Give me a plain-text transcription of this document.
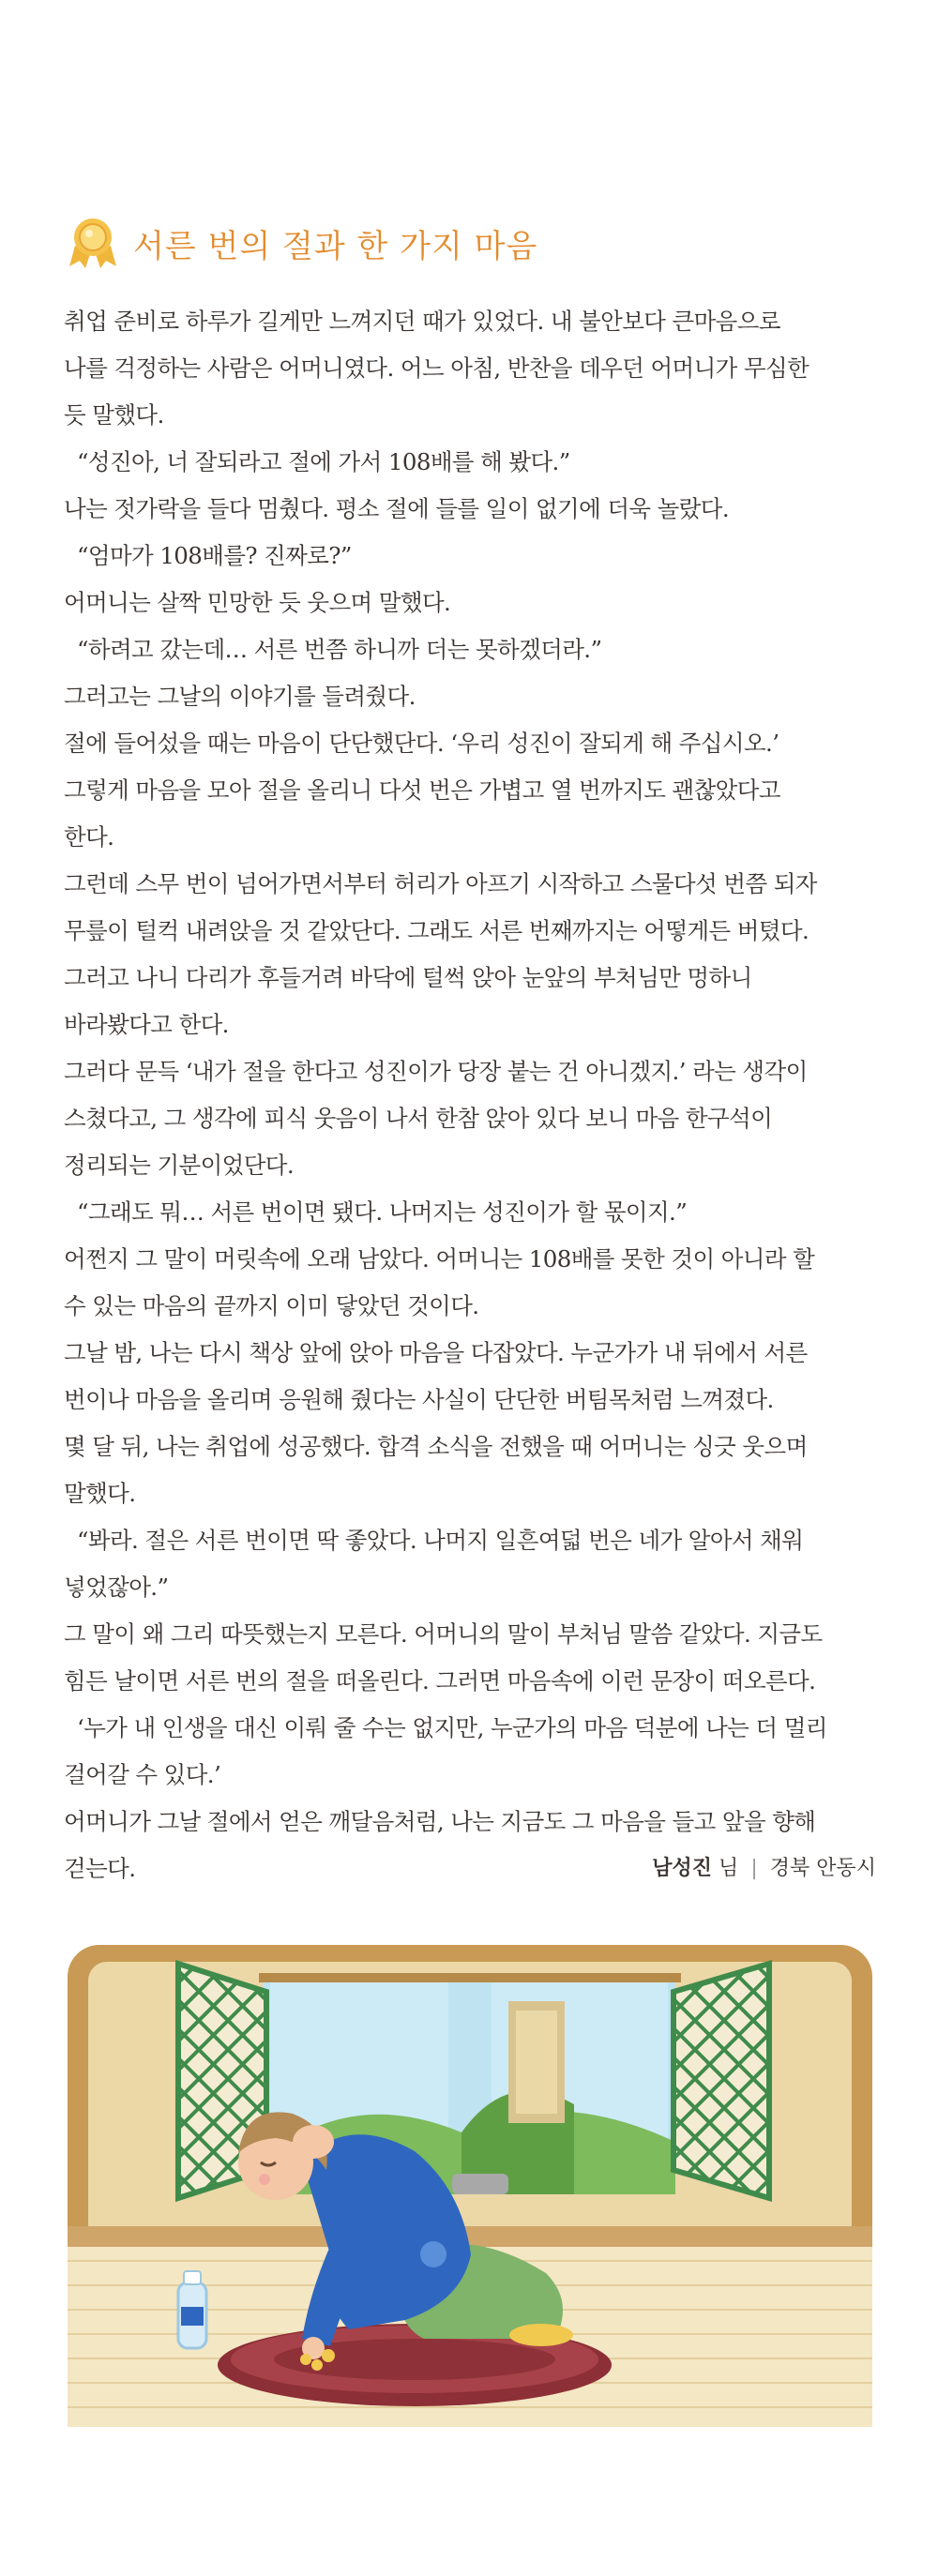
서른 번의 절과 한 가지 마음
취업 준비로 하루가 길게만 느껴지던 때가 있었다. 내 불안보다 큰마음으로
나를 걱정하는 사람은 어머니였다. 어느 아침, 반찬을 데우던 어머니가 무심한
듯 말했다.
“성진아, 너 잘되라고 절에 가서 108배를 해 봤다.”
나는 젓가락을 들다 멈췄다. 평소 절에 들를 일이 없기에 더욱 놀랐다.
“엄마가 108배를? 진짜로?”
어머니는 살짝 민망한 듯 웃으며 말했다.
“하려고 갔는데… 서른 번쯤 하니까 더는 못하겠더라.”
그러고는 그날의 이야기를 들려줬다.
절에 들어섰을 때는 마음이 단단했단다. ‘우리 성진이 잘되게 해 주십시오.’
그렇게 마음을 모아 절을 올리니 다섯 번은 가볍고 열 번까지도 괜찮았다고
한다.
그런데 스무 번이 넘어가면서부터 허리가 아프기 시작하고 스물다섯 번쯤 되자
무릎이 털컥 내려앉을 것 같았단다. 그래도 서른 번째까지는 어떻게든 버텼다.
그러고 나니 다리가 후들거려 바닥에 털썩 앉아 눈앞의 부처님만 멍하니
바라봤다고 한다.
그러다 문득 ‘내가 절을 한다고 성진이가 당장 붙는 건 아니겠지.’ 라는 생각이
스쳤다고, 그 생각에 피식 웃음이 나서 한참 앉아 있다 보니 마음 한구석이
정리되는 기분이었단다.
“그래도 뭐… 서른 번이면 됐다. 나머지는 성진이가 할 몫이지.”
어쩐지 그 말이 머릿속에 오래 남았다. 어머니는 108배를 못한 것이 아니라 할
수 있는 마음의 끝까지 이미 닿았던 것이다.
그날 밤, 나는 다시 책상 앞에 앉아 마음을 다잡았다. 누군가가 내 뒤에서 서른
번이나 마음을 올리며 응원해 줬다는 사실이 단단한 버팀목처럼 느껴졌다.
몇 달 뒤, 나는 취업에 성공했다. 합격 소식을 전했을 때 어머니는 싱긋 웃으며
말했다.
“봐라. 절은 서른 번이면 딱 좋았다. 나머지 일흔여덟 번은 네가 알아서 채워
넣었잖아.”
그 말이 왜 그리 따뜻했는지 모른다. 어머니의 말이 부처님 말씀 같았다. 지금도
힘든 날이면 서른 번의 절을 떠올린다. 그러면 마음속에 이런 문장이 떠오른다.
‘누가 내 인생을 대신 이뤄 줄 수는 없지만, 누군가의 마음 덕분에 나는 더 멀리
걸어갈 수 있다.’
어머니가 그날 절에서 얻은 깨달음처럼, 나는 지금도 그 마음을 들고 앞을 향해
걷는다.	남성진 님 | 경북 안동시
